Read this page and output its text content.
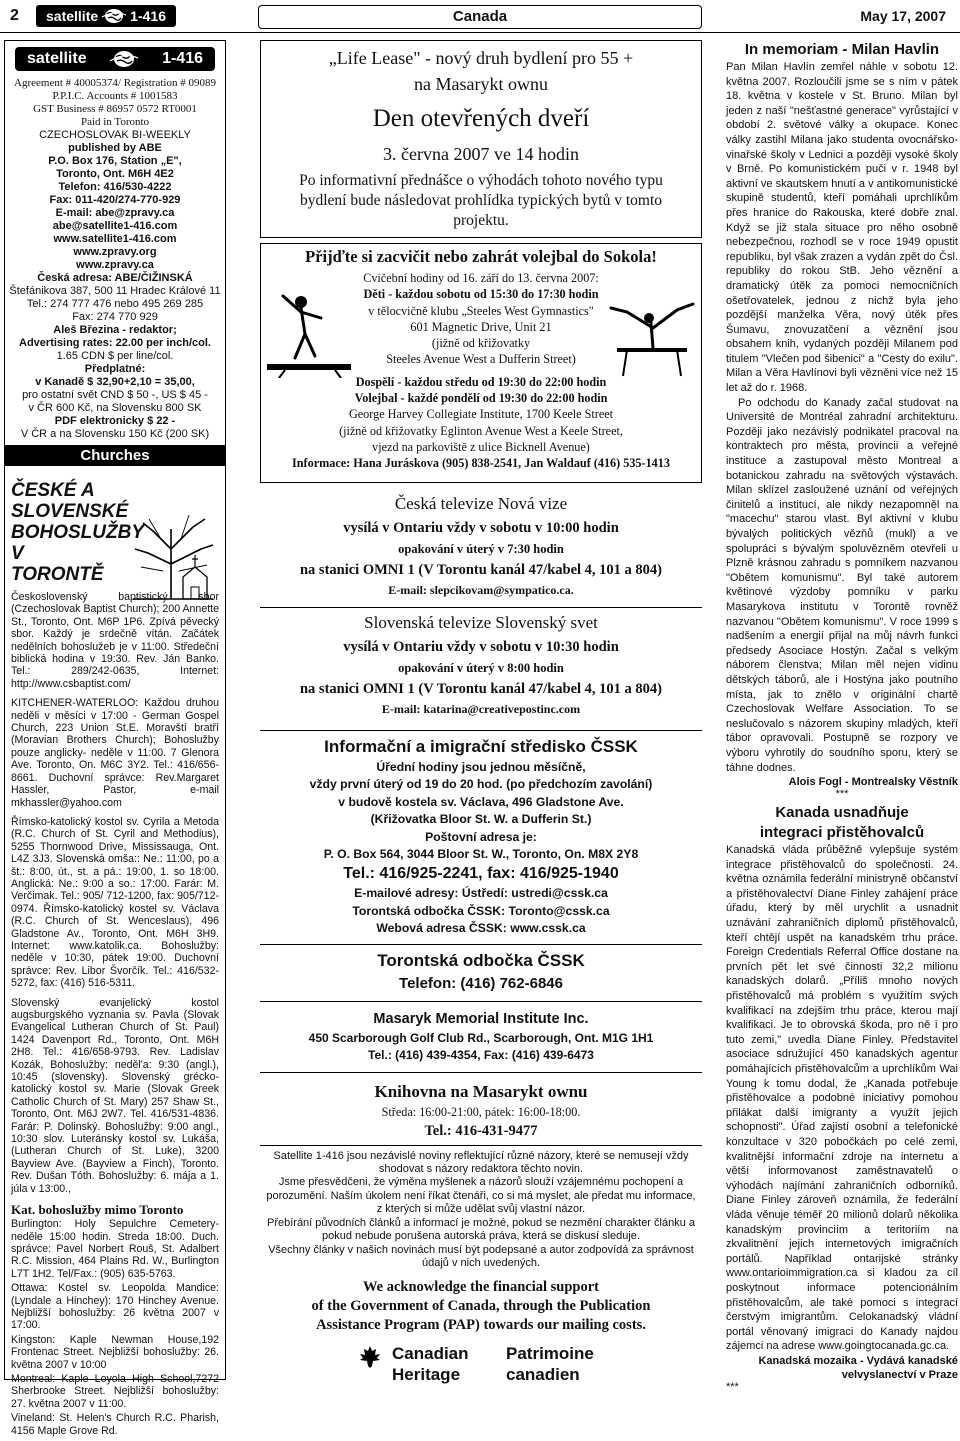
2 satellite 1-416	Canada	May 17, 2007
satellite	1-416
Agreement # 40005374/ Registration # 09089
P.P.I.C. Accounts # 1001583
GST Business # 86957 0572 RT0001
Paid in Toronto
CZECHOSLOVAK BI-WEEKLY
published by ABE
P.O. Box 176, Station „E",
Toronto, Ont. M6H 4E2
Telefon: 416/530-4222
Fax: 011-420/274-770-929
E-mail: abe@zpravy.ca
abe@satellite1-416.com
www.satellite1-416.com
www.zpravy.org
www.zpravy.ca
Česká adresa: ABE/ČIŽINSKÁ
Štefánikova 387, 500 11 Hradec Králové 11
Tel.: 274 777 476 nebo 495 269 285
Fax: 274 770 929
Aleš Březina - redaktor;
Advertising rates: 22.00 per inch/col.
1.65 CDN $ per line/col.
Předplatné:
v Kanadě $ 32,90+2,10 = 35,00,
pro ostatní svět CND $ 50 -, US $ 45 -
v ČR 600 Kč, na Slovensku 800 SK
PDF elektronicky $ 22 -
V ČR a na Slovensku 150 Kč (200 SK)
Churches
ČESKÉ A
SLOVENSKÉ
BOHOSLUŽBY
V TORONTĚ

Československý baptistický sbor (Czechoslovak Baptist Church); 200 Annette St., Toronto, Ont. M6P 1P6. Zpívá pěvecký sbor. Každý je srdečně vítán. Začátek nedělních bohoslužeb je v 11:00. Středeční biblická hodina v 19:30. Rev. Ján Banko. Tel.: 289/242-0635, Internet: http://www.csbaptist.com/

KITCHENER-WATERLOO: Každou druhou neděli v měsíci v 17:00 - German Gospel Church, 223 Union St.E. Moravští bratří (Moravian Brothers Church); Bohoslužby pouze anglicky- neděle v 11:00. 7 Glenora Ave. Toronto, On. M6C 3Y2. Tel.: 416/656-8661. Duchovní správce: Rev.Margaret Hassler, Pastor, e-mail mkhassler@yahoo.com

Římsko-katolický kostol sv. Cyrila a Metoda (R.C. Church of St. Cyril and Methodius), 5255 Thornwood Drive, Mississauga, Ont. L4Z 3J3. Slovenská omša:: Ne.: 11:00, po a št.: 8:00, út., st. a pá.: 19:00, 1. so 18:00. Anglická: Ne.: 9:00 a so.: 17:00. Farár: M. Verčimak. Tel.: 905/ 712-1200, fax: 905/712-0974. Římsko-katolický kostel sv. Václava (R.C. Church of St. Wenceslaus), 496 Gladstone Av., Toronto, Ont. M6H 3H9. Internet: www.katolik.ca. Bohoslužby: neděle v 10:30, pátek 19:00. Duchovní správce: Rev. Libor Švorčík. Tel.: 416/532-5272, fax: (416) 516-5311.

Slovenský evanjelický kostol augsburgského vyznania sv. Pavla (Slovak Evangelical Lutheran Church of St. Paul) 1424 Davenport Rd., Toronto, Ont. M6H 2H8. Tel.: 416/658-9793. Rev. Ladislav Kozák, Bohoslužby: neděl'a: 9:30 (angl.), 10:45 (slovensky). Slovenský grécko-katolický kostol sv. Marie (Slovak Greek Catholic Church of St. Mary) 257 Shaw St., Toronto, Ont. M6J 2W7. Tel. 416/531-4836. Farár: P. Dolinský. Bohoslužby: 9:00 angl., 10:30 slov. Luteránsky kostol sv. Lukáša, (Lutheran Church of St. Luke), 3200 Bayview Ave. (Bayview a Finch), Toronto. Rev. Dušan Tóth. Bohoslužby: 6. mája a 1. júla v 13:00.,

Kat. bohoslužby mimo Toronto

Burlington: Holy Sepulchre Cemetery- neděle 15:00 hodin. Streda 18:00. Duch. správce: Pavel Norbert Rouš, St. Adalbert R.C. Mission, 464 Plains Rd. W., Burlington L7T 1H2. Tel/Fax.: (905) 635-5763.

Ottawa: Kostel sv. Leopolda Mandice: (Lyndale a Hinchey): 170 Hinchey Avenue. Nejbližší bohoslužby: 26 května 2007 v 17:00.

Kingston: Kaple Newman House,192 Frontenac Street. Nejbližší bohoslužby: 26. května 2007 v 10:00

Montreal: Kaple Loyola High School,7272 Sherbrooke Street. Nejbližší bohoslužby: 27. května 2007 v 11:00.

Vineland: St. Helen's Church R.C. Pharish, 4156 Maple Grove Rd.

„Life Lease" - nový druh bydlení pro 55 +
na Masarykt ownu
Den otevřených dveří
3. června 2007 ve 14 hodin
Po informativní přednášce o výhodách tohoto nového typu bydlení bude následovat prohlídka typických bytů v tomto projektu.
Přijďte si zacvičit nebo zahrát volejbal do Sokola!
Cvičební hodiny od 16. září do 13. června 2007:
Děti - každou sobotu od 15:30 do 17:30 hodin
v tělocvičně klubu „Steeles West Gymnastics"
601 Magnetic Drive, Unit 21
(jižně od křižovatky
Steeles Avenue West a Dufferin Street)
Dospělí - každou středu od 19:30 do 22:00 hodin
Volejbal - každé pondělí od 19:30 do 22:00 hodin
George Harvey Collegiate Institute, 1700 Keele Street
(jižně od křižovatky Eglinton Avenue West a Keele Street,
vjezd na parkoviště z ulice Bicknell Avenue)
Informace: Hana Juráskova (905) 838-2541, Jan Waldauf (416) 535-1413
Česká televize Nová vize
vysílá v Ontariu vždy v sobotu v 10:00 hodin
opakování v úterý v 7:30 hodin
na stanici OMNI 1 (V Torontu kanál 47/kabel 4, 101 a 804)
E-mail: slepcikovam@sympatico.ca.
Slovenská televize Slovenský svet
vysílá v Ontariu vždy v sobotu v 10:30 hodin
opakování v úterý v 8:00 hodin
na stanici OMNI 1 (V Torontu kanál 47/kabel 4, 101 a 804)
E-mail: katarina@creativepostinc.com
Informační a imigrační středisko ČSSK
Úřední hodiny jsou jednou měsíčně,
vždy první úterý od 19 do 20 hod. (po předchozím zavolání)
v budově kostela sv. Václava, 496 Gladstone Ave.
(Křižovatka Bloor St. W. a Dufferin St.)
Poštovní adresa je:
P. O. Box 564, 3044 Bloor St. W., Toronto, On. M8X 2Y8
Tel.: 416/925-2241, fax: 416/925-1940
E-mailové adresy: Ústředí: ustredi@cssk.ca
Torontská odbočka ČSSK: Toronto@cssk.ca
Webová adresa ČSSK: www.cssk.ca
Torontská odbočka ČSSK
Telefon: (416) 762-6846
Masaryk Memorial Institute Inc.
450 Scarborough Golf Club Rd., Scarborough, Ont. M1G 1H1
Tel.: (416) 439-4354, Fax: (416) 439-6473
Knihovna na Masarykt ownu
Středa: 16:00-21:00, pátek: 16:00-18:00.
Tel.: 416-431-9477
Satellite 1-416 jsou nezávislé noviny reflektující různé názory, které se nemusejí vždy shodovat s názory redaktora těchto novin.
Jsme přesvědčeni, že výměna myšlenek a názorů slouží vzájemnému pochopení a porozumění. Naším úkolem není říkat čtenáři, co si má myslet, ale předat mu informace, z kterých si může udělat svůj vlastní názor.
Přebírání původních článků a informací je možné, pokud se nezmění charakter článku a pokud nebude porušena autorská práva, která se diskusí sleduje.
Všechny články v našich novinách musí být podepsané a autor zodpovídá za správnost údajů v nich uvedených.
We acknowledge the financial support
of the Government of Canada, through the Publication
Assistance Program (PAP) towards our mailing costs.
Canadian
Heritage
Patrimoine
canadien
In memoriam - Milan Havlin
Pan Milan Havlín zemřel náhle v sobotu 12. května 2007. Rozloučili jsme se s ním v pátek 18. května v kostele v St. Bruno. Milan byl jeden z naší "nešťastné generace" vyrůstající v období 2. světové války a okupace. Konec války zastihl Milana jako studenta ovocnářsko-vinařské školy v Lednici a později vysoké školy v Brně. Po komunistickém puči v r. 1948 byl aktivní ve skautskem hnutí a v antikomunistické skupině studentů, kteří pomáhali uprchlíkům přes hranice do Rakouska, které dobře znal. Když se již stala situace pro něho osobně nebezpečnou, rozhodl se v roce 1949 opustit republiku, byl však zrazen a vydán zpět do Čsl. republiky do rokou StB. Jeho věznění a dramatický útěk za pomoci nemocničních ošetřovatelek, jednou z nichž byla jeho pozdější manželka Věra, nový útěk přes Šumavu, znovuzatčení a věznění jsou obsahem knih, vydaných později Milanem pod titulem "Vlečen pod šibenici" a "Cesty do exilu". Milan a Věra Havlínovi byli vězněni více než 15 let až do r. 1968.
Po odchodu do Kanady začal studovat na Université de Montréal zahradní architekturu. Později jako nezávislý podnikatel pracoval na kontraktech pro města, provincii a veřejné instituce a zastupoval město Montreal a botanickou zahradu na světových výstavách. Milan sklízel zasloužené uznání od veřejných činitelů a institucí, ale nikdy nezapomněl na "macechu" starou vlast. Byl aktivní v klubu bývalých politických vězňů (mukl) a ve spolupráci s bývalým spoluvězněm otevřeli u Plzně krásnou zahradu s pomníkem nazvanou "Obětem komunismu". Byl také autorem květinové výzdoby pomníku v parku Masarykova institutu v Torontě rovněž nazvanou "Obětem komunismu". V roce 1999 s nadšením a energií přijal na můj návrh funkci předsedy Asociace Hostýn. Začal s velkým náborem členstva; Milan měl nejen vidinu dětských táborů, ale i Hostýna jako poutního místa, jak to znělo v originální chartě Czechoslovak Welfare Association. To se neslučovalo s názorem skupiny mladých, kteří tábor opravovali. Postupně se rozpory ve výboru vyhrotily do soudního sporu, který se táhne dodnes.
Alois Fogl - Montrealsky Věstník
***
Kanada usnadňuje integraci přistěhovalců
Kanadská vláda průběžně vylepšuje systém integrace přistěhovalců do společnosti. 24. května oznámila federální ministryně občanství a přistěhovalectví Diane Finley zahájení práce úřadu, který by měl urychlit a usnadnit uznávání zahraničních diplomů přistěhovalců, kteří chtějí uspět na kanadském trhu práce. Foreign Credentials Referral Office dostane na prvních pět let své činnosti 32,2 milionu kanadských dolarů. „Příliš mnoho nových přistěhovalců má problém s využitím svých kvalifikací na zdejším trhu práce, kterou mají kvalifikaci. Je to obrovská škoda, pro ně i pro tuto zemi," uvedla Diane Finley. Představitel asociace sdružující 450 kanadských agentur pomáhajících přistěhovalcům a uprchlíkům Wai Young k tomu dodal, že „Kanada potřebuje přistěhovalce a podobné iniciativy pomohou přilákat další imigranty a využít jejich schopnosti". Úřad zajistí osobní a telefonické konzultace v 320 pobočkách po celé zemi, kvalitnější informační zdroje na internetu a větší informovanost zaměstnavatelů o výhodách najímání zahraničních odborníků. Diane Finley zároveň oznámila, že federální vláda věnuje téměř 20 milionů dolarů několika kanadským provinciím a teritoriím na zkvalitnění jejich internetových imigračních portálů. Například ontarijské stránky www.ontarioimmigration.ca si kladou za cíl poskytnout informace potencionálním přistěhovalcům, ale také pomoci s integrací čerstvým imigrantům. Celokanadský vládní portál věnovaný imigraci do Kanady najdou zájemci na adrese www.goingtocanada.gc.ca.
Kanadská mozaika - Vydává kanadské
velvyslanectví v Praze
***
